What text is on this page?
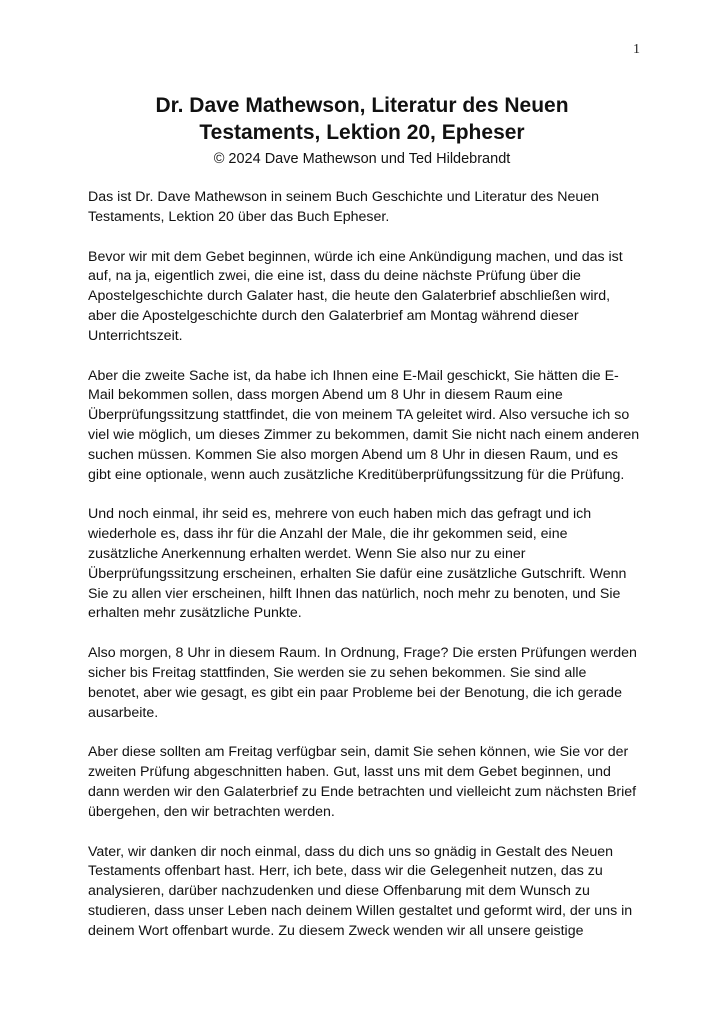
1
Dr. Dave Mathewson, Literatur des Neuen
Testaments, Lektion 20, Epheser
© 2024 Dave Mathewson und Ted Hildebrandt

Das ist Dr. Dave Mathewson in seinem Buch Geschichte und Literatur des Neuen Testaments, Lektion 20 über das Buch Epheser.

Bevor wir mit dem Gebet beginnen, würde ich eine Ankündigung machen, und das ist auf, na ja, eigentlich zwei, die eine ist, dass du deine nächste Prüfung über die Apostelgeschichte durch Galater hast, die heute den Galaterbrief abschließen wird, aber die Apostelgeschichte durch den Galaterbrief am Montag während dieser Unterrichtszeit.

Aber die zweite Sache ist, da habe ich Ihnen eine E-Mail geschickt, Sie hätten die E-Mail bekommen sollen, dass morgen Abend um 8 Uhr in diesem Raum eine Überprüfungssitzung stattfindet, die von meinem TA geleitet wird. Also versuche ich so viel wie möglich, um dieses Zimmer zu bekommen, damit Sie nicht nach einem anderen suchen müssen. Kommen Sie also morgen Abend um 8 Uhr in diesen Raum, und es gibt eine optionale, wenn auch zusätzliche Kreditüberprüfungssitzung für die Prüfung.

Und noch einmal, ihr seid es, mehrere von euch haben mich das gefragt und ich wiederhole es, dass ihr für die Anzahl der Male, die ihr gekommen seid, eine zusätzliche Anerkennung erhalten werdet. Wenn Sie also nur zu einer Überprüfungssitzung erscheinen, erhalten Sie dafür eine zusätzliche Gutschrift. Wenn Sie zu allen vier erscheinen, hilft Ihnen das natürlich, noch mehr zu benoten, und Sie erhalten mehr zusätzliche Punkte.

Also morgen, 8 Uhr in diesem Raum. In Ordnung, Frage? Die ersten Prüfungen werden sicher bis Freitag stattfinden, Sie werden sie zu sehen bekommen. Sie sind alle benotet, aber wie gesagt, es gibt ein paar Probleme bei der Benotung, die ich gerade ausarbeite.

Aber diese sollten am Freitag verfügbar sein, damit Sie sehen können, wie Sie vor der zweiten Prüfung abgeschnitten haben. Gut, lasst uns mit dem Gebet beginnen, und dann werden wir den Galaterbrief zu Ende betrachten und vielleicht zum nächsten Brief übergehen, den wir betrachten werden.

Vater, wir danken dir noch einmal, dass du dich uns so gnädig in Gestalt des Neuen Testaments offenbart hast. Herr, ich bete, dass wir die Gelegenheit nutzen, das zu analysieren, darüber nachzudenken und diese Offenbarung mit dem Wunsch zu studieren, dass unser Leben nach deinem Willen gestaltet und geformt wird, der uns in deinem Wort offenbart wurde. Zu diesem Zweck wenden wir all unsere geistige
